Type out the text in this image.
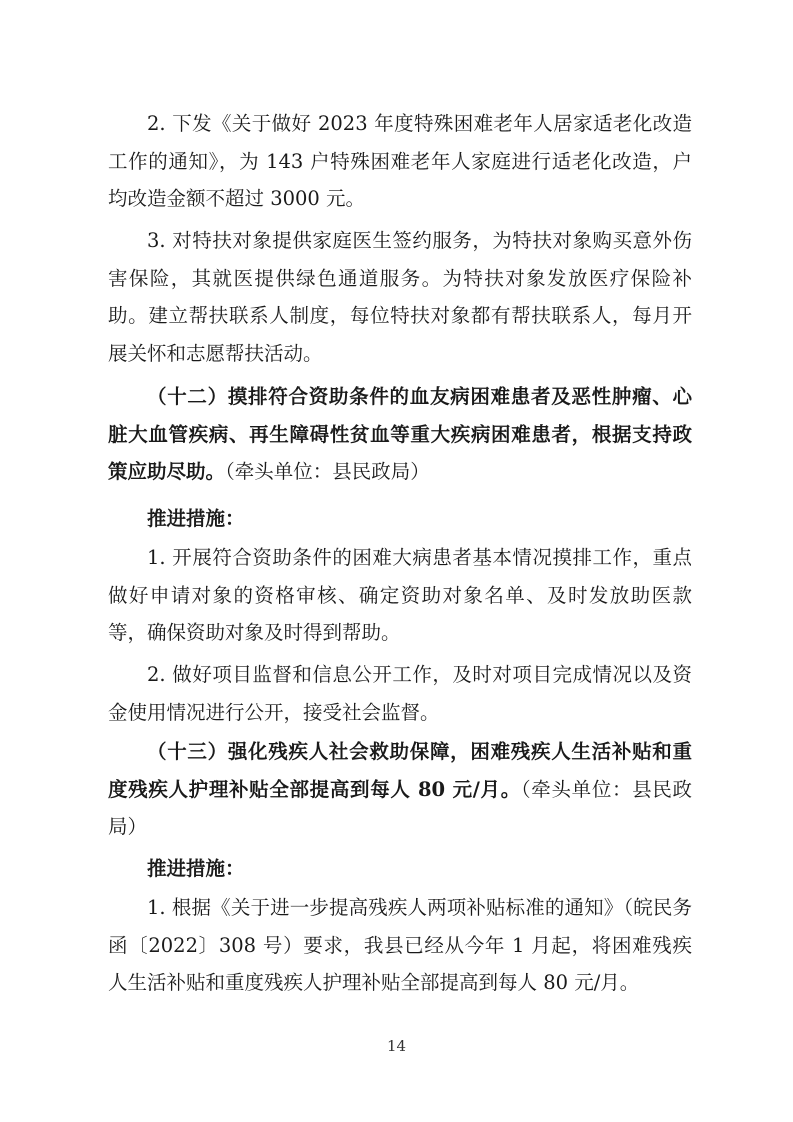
2. 下发《关于做好 2023 年度特殊困难老年人居家适老化改造工作的通知》，为 143 户特殊困难老年人家庭进行适老化改造，户均改造金额不超过 3000 元。

3. 对特扶对象提供家庭医生签约服务，为特扶对象购买意外伤害保险，其就医提供绿色通道服务。为特扶对象发放医疗保险补助。建立帮扶联系人制度，每位特扶对象都有帮扶联系人，每月开展关怀和志愿帮扶活动。

（十二）摸排符合资助条件的血友病困难患者及恶性肿瘤、心脏大血管疾病、再生障碍性贫血等重大疾病困难患者，根据支持政策应助尽助。（牵头单位：县民政局）

推进措施：

1. 开展符合资助条件的困难大病患者基本情况摸排工作，重点做好申请对象的资格审核、确定资助对象名单、及时发放助医款等，确保资助对象及时得到帮助。

2. 做好项目监督和信息公开工作，及时对项目完成情况以及资金使用情况进行公开，接受社会监督。

（十三）强化残疾人社会救助保障，困难残疾人生活补贴和重度残疾人护理补贴全部提高到每人 80 元/月。（牵头单位：县民政局）

推进措施：

1. 根据《关于进一步提高残疾人两项补贴标准的通知》（皖民务函〔2022〕308 号）要求，我县已经从今年 1 月起，将困难残疾人生活补贴和重度残疾人护理补贴全部提高到每人 80 元/月。

14
